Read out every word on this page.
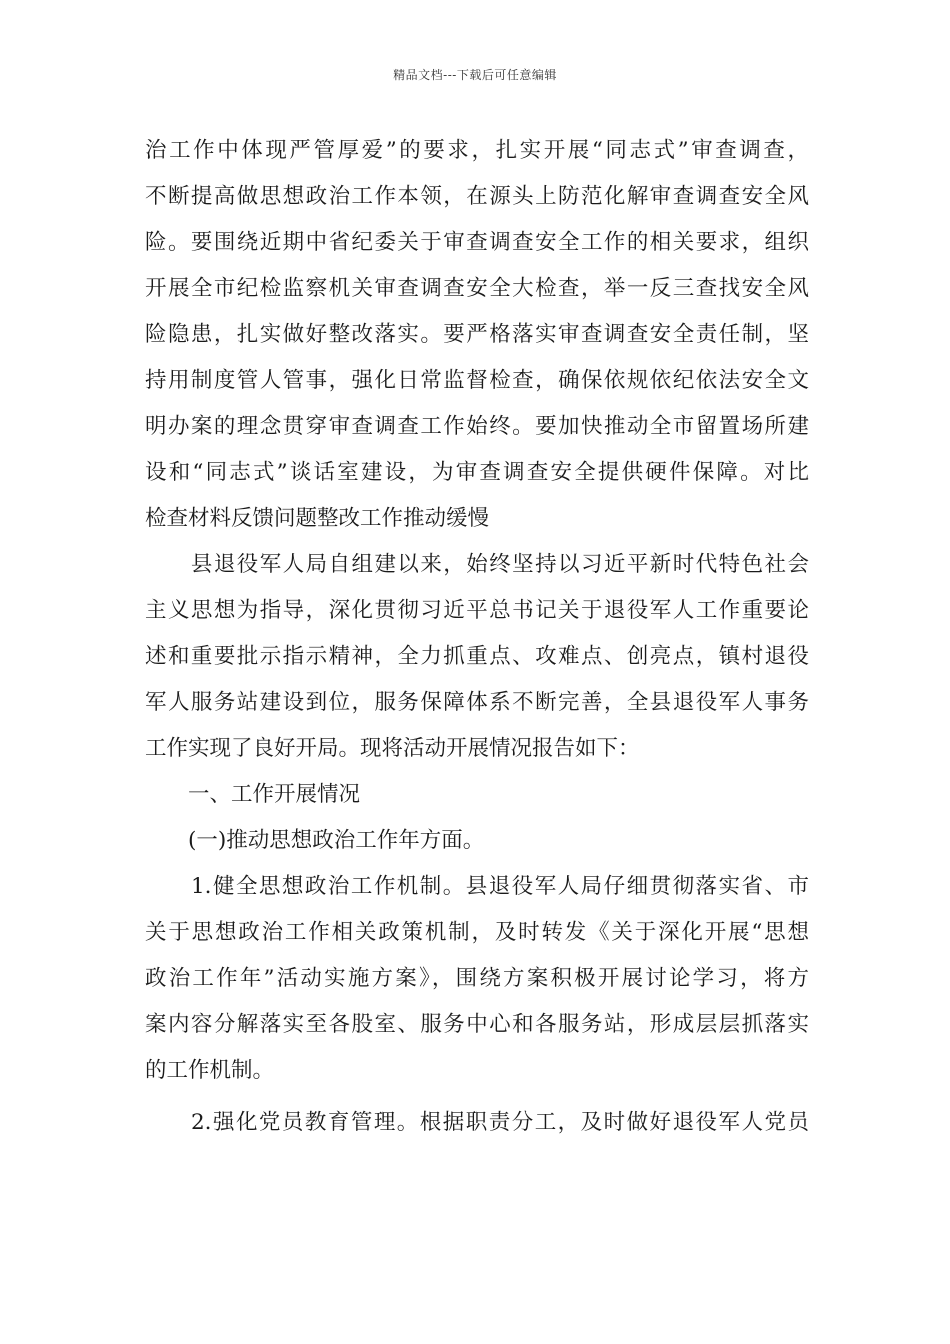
精品文档---下载后可任意编辑
治工作中体现严管厚爱”的要求，扎实开展“同志式”审查调查，
不断提高做思想政治工作本领，在源头上防范化解审查调查安全风
险。要围绕近期中省纪委关于审查调查安全工作的相关要求，组织
开展全市纪检监察机关审查调查安全大检查，举一反三查找安全风
险隐患，扎实做好整改落实。要严格落实审查调查安全责任制，坚
持用制度管人管事，强化日常监督检查，确保依规依纪依法安全文
明办案的理念贯穿审查调查工作始终。要加快推动全市留置场所建
设和“同志式”谈话室建设，为审查调查安全提供硬件保障。对比
检查材料反馈问题整改工作推动缓慢
　　县退役军人局自组建以来，始终坚持以习近平新时代特色社会
主义思想为指导，深化贯彻习近平总书记关于退役军人工作重要论
述和重要批示指示精神，全力抓重点、攻难点、创亮点，镇村退役
军人服务站建设到位，服务保障体系不断完善，全县退役军人事务
工作实现了良好开局。现将活动开展情况报告如下：
　　一、工作开展情况
　　(一)推动思想政治工作年方面。
　　1.健全思想政治工作机制。县退役军人局仔细贯彻落实省、市
关于思想政治工作相关政策机制，及时转发《关于深化开展“思想
政治工作年”活动实施方案》，围绕方案积极开展讨论学习，将方
案内容分解落实至各股室、服务中心和各服务站，形成层层抓落实
的工作机制。
　　2.强化党员教育管理。根据职责分工，及时做好退役军人党员
